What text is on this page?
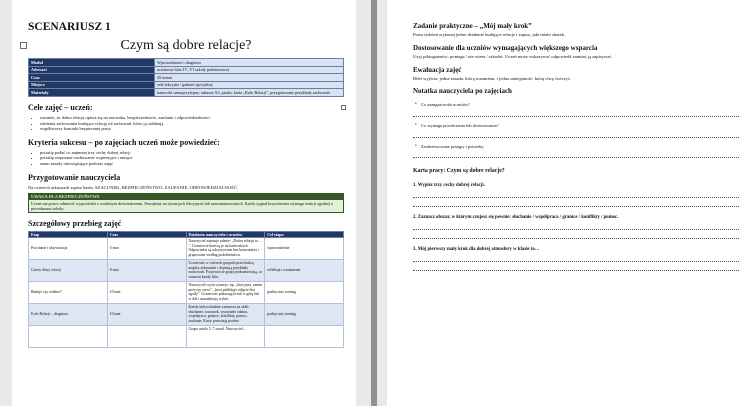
SCENARIUSZ 1
Czym są dobre relacje?
Moduł	Wprowadzenie i diagnoza
Adresaci	uczniowie klas IV–VI szkoły podstawowej
Czas	45 minut
Miejsce	sala lekcyjna / gabinet specjalisty
Materiały	karteczki samoprzylepne, arkusze A3, pisaki, karta „Koło Relacji”, przygotowane przykłady zachowań
Cele zajęć – uczeń:
• rozumie, że dobra relacja opiera się na szacunku, bezpieczeństwie, zaufaniu i odpowiedzialności
• odróżnia zachowania budujące relację od zachowań, które ją osłabiają
• współtworzy kontrakt bezpiecznej pracy
Kryteria sukcesu – po zajęciach uczeń może powiedzieć:
• potrafię podać co najmniej trzy cechy dobrej relacji
• potrafię rozpoznać zachowanie wspierające i raniące
• znam zasady obowiązujące podczas zajęć
Przygotowanie nauczyciela

Na czterech arkuszach zapisz hasła: SZACUNEK, BEZPIECZEŃSTWO, ZAUFANIE, ODPOWIEDZIALNOŚĆ.

UWAGA DLA BEZPIECZEŃSTWA
Uczeń ma prawo odmówić wypowiedzi o osobistym doświadczeniu. Pracujemy na sytuacjach fikcyjnych lub zanonimizowanych. Każdy sygnał krzywdzenia wymaga reakcji zgodnej z procedurami szkoły.
Szczegółowy przebieg zajęć
Etap	Czas	Działania nauczyciela i uczniów	Cel etapu
Powitanie i aktywizacja	5 min	Nauczyciel zapisuje zdanie: „Dobra relacja to… ”. Uczniowie kończą je na karteczkach. Odpowiedzi są odczytywane bez komentarzy i grupowane według podobieństwa.	wprowadzenie
Cztery filary relacji	8 min	Uczniowie w czterech grupach przechodzą między arkuszami i dopisują przykłady zachowań. Po powrocie grupy podsumowują, co oznacza każdy filar.	refleksja i rozumienie
Buduje czy osłabia?	10 min	Nauczyciel czyta sytuacje, np. „ktoś pyta, zanim pożyczy rzecz”, „ktoś publikuje zdjęcie bez zgody”. Uczniowie pokazują kciuk w górę lub w dół i uzasadniają wybór.	praktyczny trening
Koło Relacji – diagnoza	10 min	Każdy indywidualnie zaznacza na skali: słuchanie, szacunek, wyrażanie zdania, współpraca, granice, konflikty, pomoc, zaufanie. Karty pozostają poufne.	praktyczny trening
		Grupa ustala 5–7 zasad. Nauczyciel…	
Zadanie praktyczne – „Mój mały krok”

Przez tydzień wykonaj jedno działanie budujące relacje i zapisz, jaki miało skutek.

Dostosowanie dla uczniów wymagających większego wsparcia

Użyj piktogramów: pomaga / nie wiem / szkodzi. Uczeń może wskazywać odpowiedź zamiast ją zapisywać.

Ewaluacja zajęć

Bilet wyjścia: jedna zasada, którą rozumiem, i jedna umiejętność, którą chcę ćwiczyć.

Notatka nauczyciela po zajęciach
• Co zaangażowało uczniów?
• Co wymaga powtórzenia lub dostosowania?
• Zaobserwowane postępy i potrzeby:
Karta pracy: Czym są dobre relacje?
1. Wypisz trzy cechy dobrej relacji.
2. Zaznacz obszar, w którym czujesz się pewnie: słuchanie / współpraca / granice / konflikty / pomoc.
3. Mój pierwszy mały krok dla dobrej atmosfery w klasie to…
